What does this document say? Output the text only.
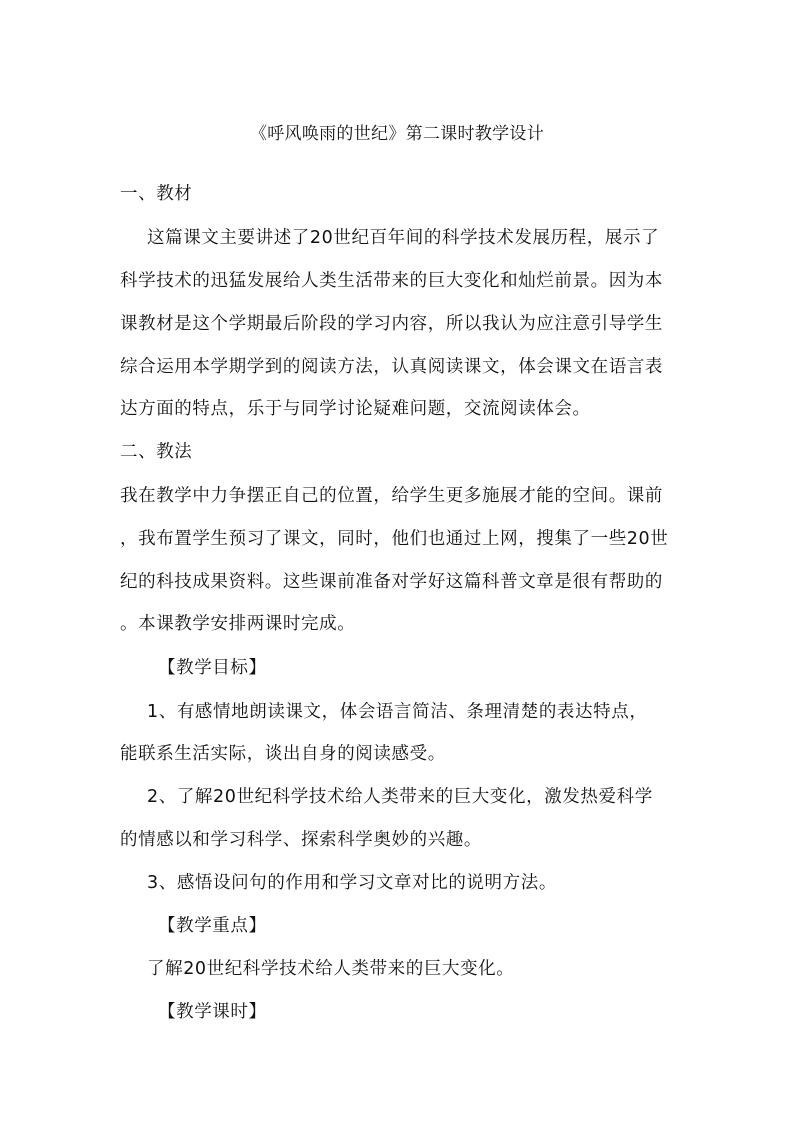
《呼风唤雨的世纪》第二课时教学设计
一、教材
这篇课文主要讲述了20世纪百年间的科学技术发展历程，展示了
科学技术的迅猛发展给人类生活带来的巨大变化和灿烂前景。因为本
课教材是这个学期最后阶段的学习内容，所以我认为应注意引导学生
综合运用本学期学到的阅读方法，认真阅读课文，体会课文在语言表
达方面的特点，乐于与同学讨论疑难问题，交流阅读体会。
二、教法
我在教学中力争摆正自己的位置，给学生更多施展才能的空间。课前
，我布置学生预习了课文，同时，他们也通过上网，搜集了一些20世
纪的科技成果资料。这些课前准备对学好这篇科普文章是很有帮助的
。本课教学安排两课时完成。
【教学目标】
1、有感情地朗读课文，体会语言简洁、条理清楚的表达特点，
能联系生活实际，谈出自身的阅读感受。
2、了解20世纪科学技术给人类带来的巨大变化，激发热爱科学
的情感以和学习科学、探索科学奥妙的兴趣。
3、感悟设问句的作用和学习文章对比的说明方法。
【教学重点】
了解20世纪科学技术给人类带来的巨大变化。
【教学课时】
